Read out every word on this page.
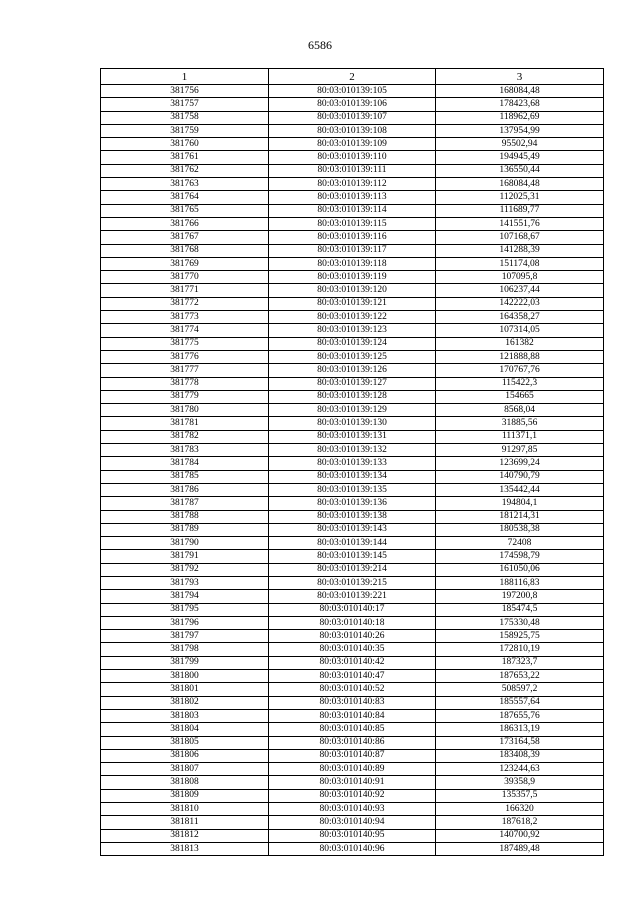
6586
1	2	3
381756	80:03:010139:105	168084,48
381757	80:03:010139:106	178423,68
381758	80:03:010139:107	118962,69
381759	80:03:010139:108	137954,99
381760	80:03:010139:109	95502,94
381761	80:03:010139:110	194945,49
381762	80:03:010139:111	136550,44
381763	80:03:010139:112	168084,48
381764	80:03:010139:113	112025,31
381765	80:03:010139:114	111689,77
381766	80:03:010139:115	141551,76
381767	80:03:010139:116	107168,67
381768	80:03:010139:117	141288,39
381769	80:03:010139:118	151174,08
381770	80:03:010139:119	107095,8
381771	80:03:010139:120	106237,44
381772	80:03:010139:121	142222,03
381773	80:03:010139:122	164358,27
381774	80:03:010139:123	107314,05
381775	80:03:010139:124	161382
381776	80:03:010139:125	121888,88
381777	80:03:010139:126	170767,76
381778	80:03:010139:127	115422,3
381779	80:03:010139:128	154665
381780	80:03:010139:129	8568,04
381781	80:03:010139:130	31885,56
381782	80:03:010139:131	111371,1
381783	80:03:010139:132	91297,85
381784	80:03:010139:133	123699,24
381785	80:03:010139:134	140790,79
381786	80:03:010139:135	135442,44
381787	80:03:010139:136	194804,1
381788	80:03:010139:138	181214,31
381789	80:03:010139:143	180538,38
381790	80:03:010139:144	72408
381791	80:03:010139:145	174598,79
381792	80:03:010139:214	161050,06
381793	80:03:010139:215	188116,83
381794	80:03:010139:221	197200,8
381795	80:03:010140:17	185474,5
381796	80:03:010140:18	175330,48
381797	80:03:010140:26	158925,75
381798	80:03:010140:35	172810,19
381799	80:03:010140:42	187323,7
381800	80:03:010140:47	187653,22
381801	80:03:010140:52	508597,2
381802	80:03:010140:83	185557,64
381803	80:03:010140:84	187655,76
381804	80:03:010140:85	186313,19
381805	80:03:010140:86	173164,58
381806	80:03:010140:87	183408,39
381807	80:03:010140:89	123244,63
381808	80:03:010140:91	39358,9
381809	80:03:010140:92	135357,5
381810	80:03:010140:93	166320
381811	80:03:010140:94	187618,2
381812	80:03:010140:95	140700,92
381813	80:03:010140:96	187489,48
